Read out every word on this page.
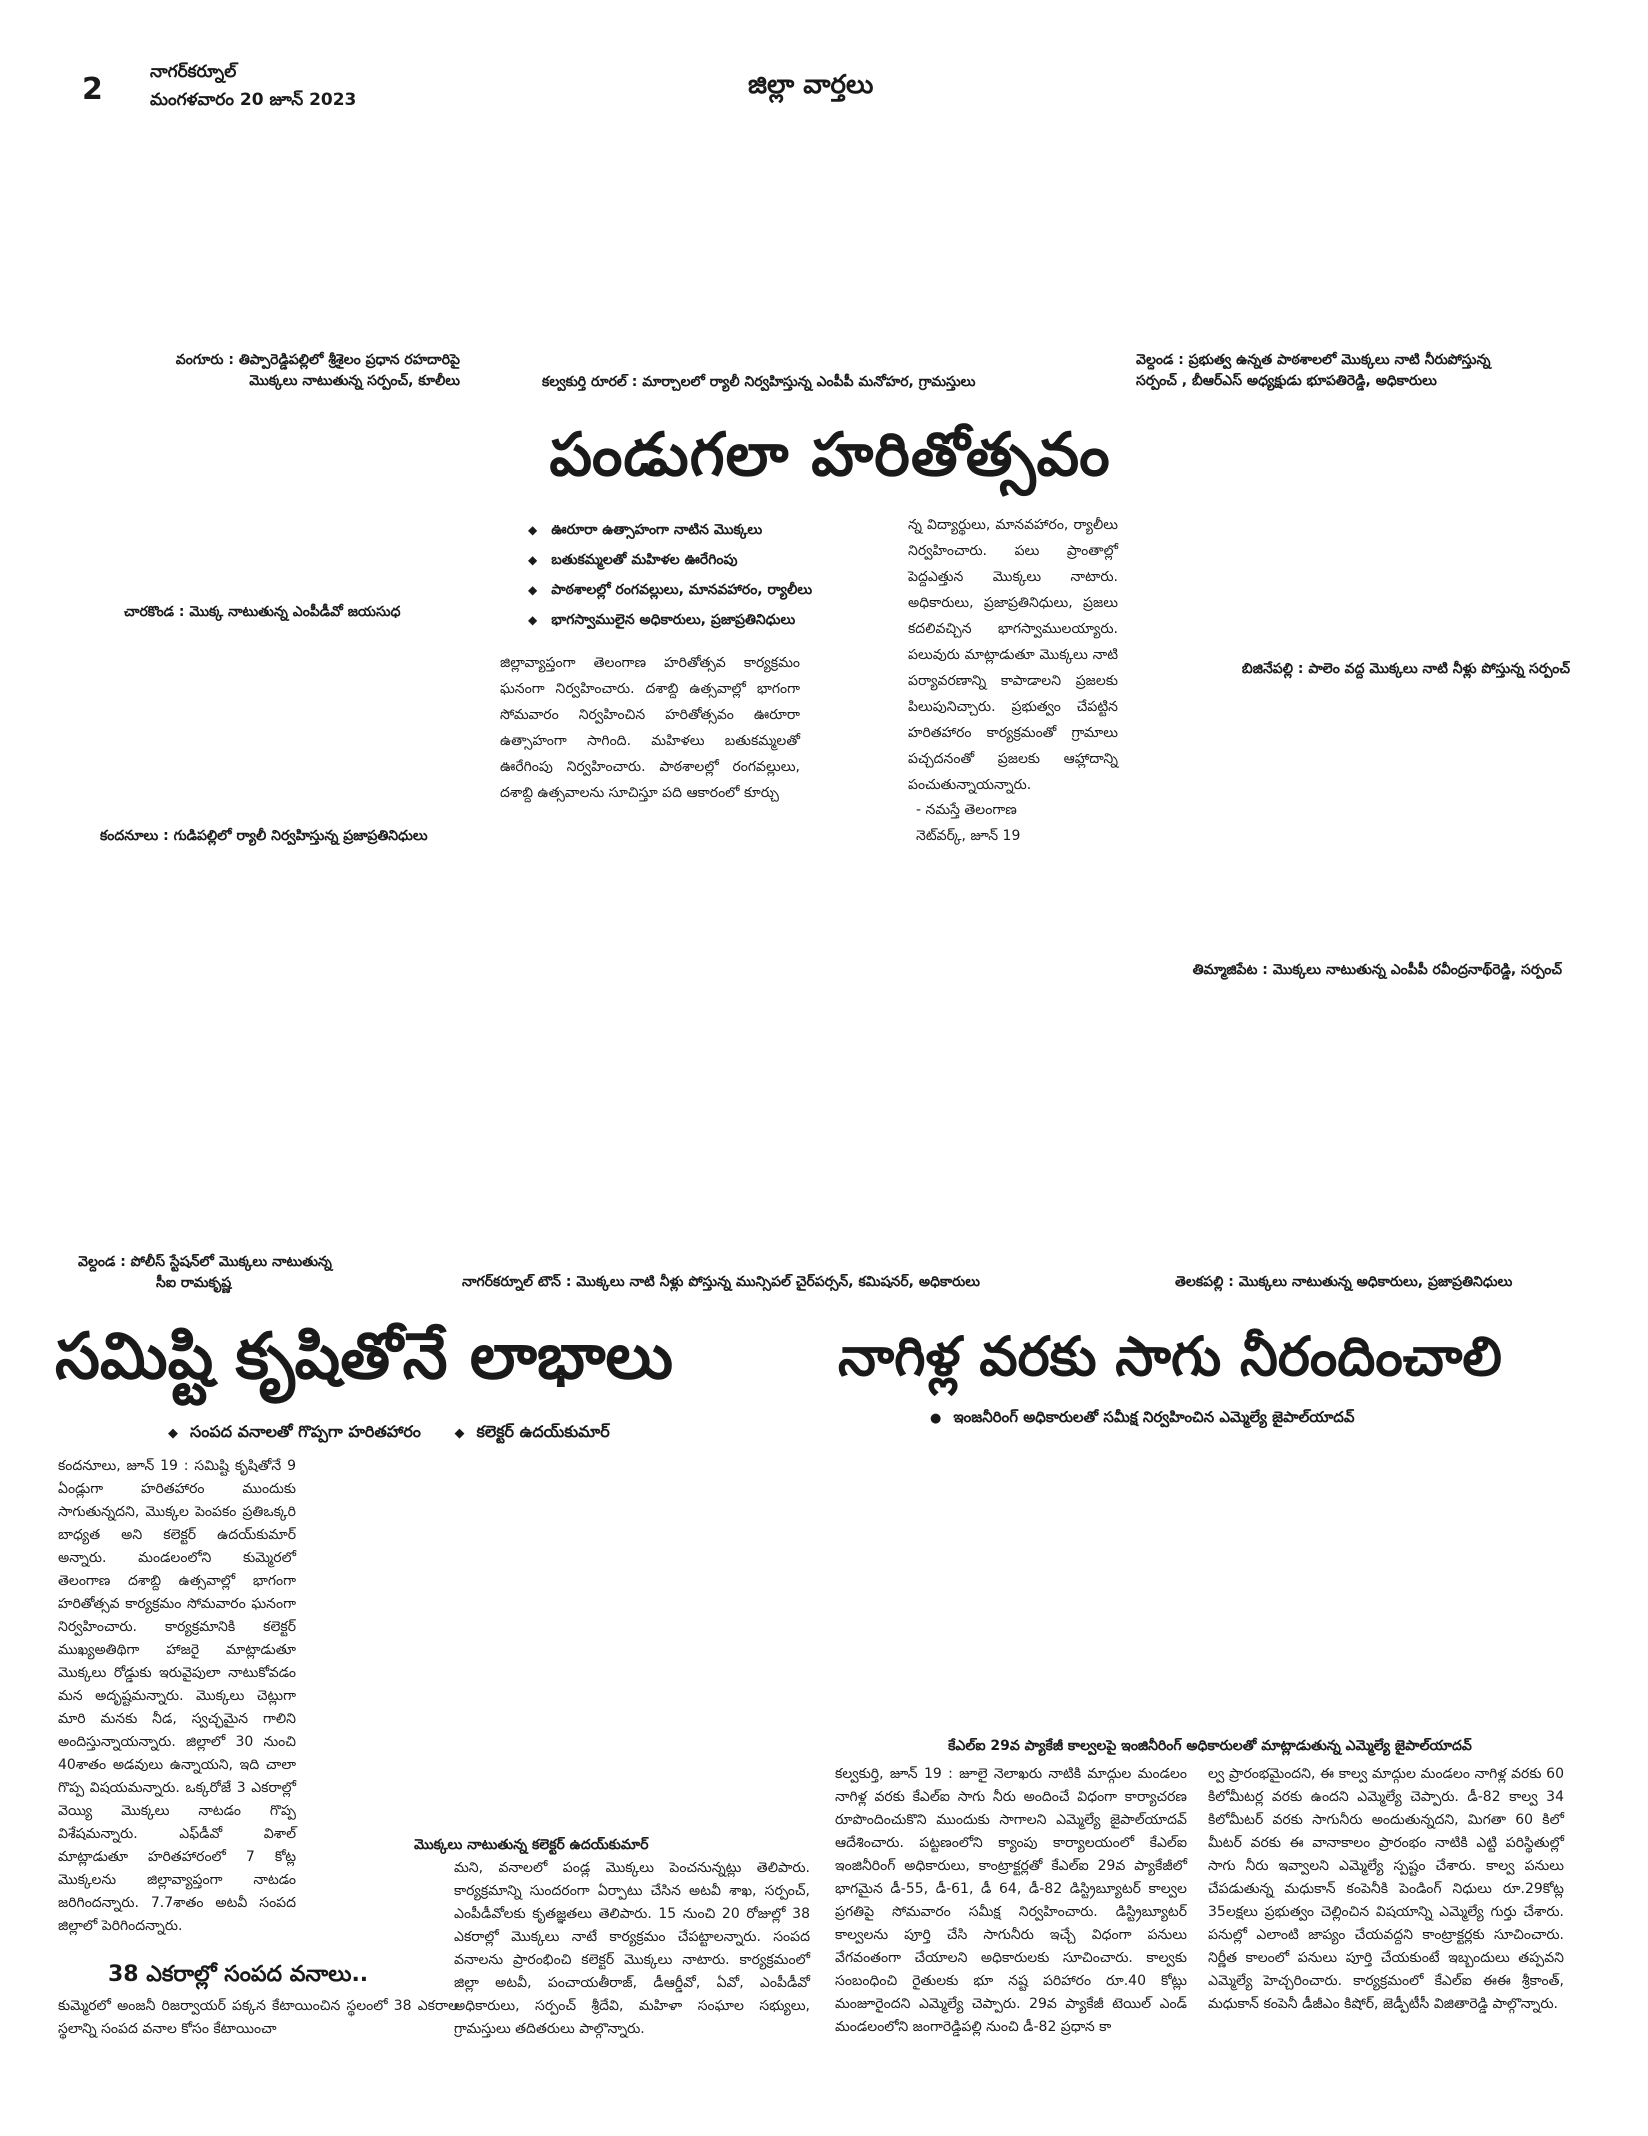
2	నాగర్‌కర్నూల్
మంగళవారం 20 జూన్ 2023	జిల్లా వార్తలు
వంగూరు : తిప్పారెడ్డిపల్లిలో శ్రీశైలం ప్రధాన రహదారిపై
మొక్కలు నాటుతున్న సర్పంచ్, కూలీలు	కల్వకుర్తి రూరల్ : మార్చాలలో ర్యాలీ నిర్వహిస్తున్న ఎంపీపీ మనోహర, గ్రామస్తులు
వెల్దండ : ప్రభుత్వ ఉన్నత పాఠశాలలో మొక్కలు నాటి నీరుపోస్తున్న
సర్పంచ్ , బీఆర్ఎస్ అధ్యక్షుడు భూపతిరెడ్డి, అధికారులు
పండుగలా హరితోత్సవం
◆ ఊరూరా ఉత్సాహంగా నాటిన మొక్కలు
◆ బతుకమ్మలతో మహిళల ఊరేగింపు
◆ పాఠశాలల్లో రంగవల్లులు, మానవహారం, ర్యాలీలు
◆ భాగస్వాములైన అధికారులు, ప్రజాప్రతినిధులు
జిల్లావ్యాప్తంగా తెలంగాణ హరితోత్సవ కార్యక్రమం ఘనంగా నిర్వహించారు. దశాబ్ది ఉత్సవాల్లో భాగంగా సోమవారం నిర్వహించిన హరితోత్సవం ఊరూరా ఉత్సాహంగా సాగింది. మహిళలు బతుకమ్మలతో ఊరేగింపు నిర్వహించారు. పాఠశాలల్లో రంగవల్లులు, దశాబ్ది ఉత్సవాలను సూచిస్తూ పది ఆకారంలో కూర్చు
న్న విద్యార్థులు, మానవహారం, ర్యాలీలు నిర్వహించారు. పలు ప్రాంతాల్లో పెద్దఎత్తున మొక్కలు నాటారు. అధికారులు, ప్రజాప్రతినిధులు, ప్రజలు కదలివచ్చిన భాగస్వాములయ్యారు. పలువురు మాట్లాడుతూ మొక్కలు నాటి పర్యావరణాన్ని కాపాడాలని ప్రజలకు పిలుపునిచ్చారు. ప్రభుత్వం చేపట్టిన హరితహారం కార్యక్రమంతో గ్రామాలు పచ్చదనంతో ప్రజలకు ఆహ్లాదాన్ని పంచుతున్నాయన్నారు.
- నమస్తే తెలంగాణ
నెట్‌వర్క్, జూన్ 19
చారకొండ : మొక్క నాటుతున్న ఎంపీడీవో జయసుధ
బిజినేపల్లి : పాలెం వద్ద మొక్కలు నాటి నీళ్లు పోస్తున్న సర్పంచ్
కందనూలు : గుడిపల్లిలో ర్యాలీ నిర్వహిస్తున్న ప్రజాప్రతినిధులు
తిమ్మాజిపేట : మొక్కలు నాటుతున్న ఎంపీపీ రవీంద్రనాథ్‌రెడ్డి, సర్పంచ్
వెల్దండ : పోలీస్ స్టేషన్‌లో మొక్కలు నాటుతున్న
సీఐ రామకృష్ణ	నాగర్‌కర్నూల్ టౌన్ : మొక్కలు నాటి నీళ్లు పోస్తున్న మున్సిపల్ చైర్‌పర్సన్, కమిషనర్, అధికారులు	తెలకపల్లి : మొక్కలు నాటుతున్న అధికారులు, ప్రజాప్రతినిధులు
సమిష్టి కృషితోనే లాభాలు
◆ సంపద వనాలతో గొప్పగా హరితహారం	◆ కలెక్టర్ ఉదయ్‌కుమార్
కందనూలు, జూన్ 19 : సమిష్టి కృషితోనే 9 ఏండ్లుగా హరితహారం ముందుకు సాగుతున్నదని, మొక్కల పెంపకం ప్రతిఒక్కరి బాధ్యత అని కలెక్టర్ ఉదయ్‌కుమార్ అన్నారు. మండలంలోని కుమ్మెరలో తెలంగాణ దశాబ్ది ఉత్సవాల్లో భాగంగా హరితోత్సవ కార్యక్రమం సోమవారం ఘనంగా నిర్వహించారు. కార్యక్రమానికి కలెక్టర్ ముఖ్యఅతిథిగా హాజరై మాట్లాడుతూ మొక్కలు రోడ్డుకు ఇరువైపులా నాటుకోవడం మన అదృష్టమన్నారు. మొక్కలు చెట్లుగా మారి మనకు నీడ, స్వచ్ఛమైన గాలిని అందిస్తున్నాయన్నారు. జిల్లాలో 30 నుంచి 40శాతం అడవులు ఉన్నాయని, ఇది చాలా గొప్ప విషయమన్నారు. ఒక్కరోజే 3 ఎకరాల్లో వెయ్యి మొక్కలు నాటడం గొప్ప విశేషమన్నారు. ఎఫ్‌డీవో విశాల్ మాట్లాడుతూ హరితహారంలో 7 కోట్ల మొక్కలను జిల్లావ్యాప్తంగా నాటడం జరిగిందన్నారు. 7.7శాతం అటవీ సంపద జిల్లాలో పెరిగిందన్నారు.
38 ఎకరాల్లో సంపద వనాలు..
కుమ్మెరలో అంజనీ రిజర్వాయర్ పక్కన కేటాయించిన స్థలంలో 38 ఎకరాల స్థలాన్ని సంపద వనాల కోసం కేటాయించా
మొక్కలు నాటుతున్న కలెక్టర్ ఉదయ్‌కుమార్
మని, వనాలలో పండ్ల మొక్కలు పెంచనున్నట్లు తెలిపారు. కార్యక్రమాన్ని సుందరంగా ఏర్పాటు చేసిన అటవీ శాఖ, సర్పంచ్, ఎంపీడీవోలకు కృతజ్ఞతలు తెలిపారు. 15 నుంచి 20 రోజుల్లో 38 ఎకరాల్లో మొక్కలు నాటే కార్యక్రమం చేపట్టాలన్నారు. సంపద వనాలను ప్రారంభించి కలెక్టర్ మొక్కలు నాటారు. కార్యక్రమంలో జిల్లా అటవీ, పంచాయతీరాజ్, డీఆర్డీవో, ఏవో, ఎంపీడీవో అధికారులు, సర్పంచ్ శ్రీదేవి, మహిళా సంఘాల సభ్యులు, గ్రామస్తులు తదితరులు పాల్గొన్నారు.
నాగిళ్ల వరకు సాగు నీరందించాలి
● ఇంజనీరింగ్ అధికారులతో సమీక్ష నిర్వహించిన ఎమ్మెల్యే జైపాల్‌యాదవ్
కేఎల్ఐ 29వ ప్యాకేజీ కాల్వలపై ఇంజినీరింగ్ అధికారులతో మాట్లాడుతున్న ఎమ్మెల్యే జైపాల్‌యాదవ్
కల్వకుర్తి, జూన్ 19 : జూలై నెలాఖరు నాటికి మాద్గుల మండలం నాగిళ్ల వరకు కేఎల్ఐ సాగు నీరు అందించే విధంగా కార్యాచరణ రూపొందించుకొని ముందుకు సాగాలని ఎమ్మెల్యే జైపాల్‌యాదవ్ ఆదేశించారు. పట్టణంలోని క్యాంపు కార్యాలయంలో కేఎల్ఐ ఇంజినీరింగ్ అధికారులు, కాంట్రాక్టర్లతో కేఎల్ఐ 29వ ప్యాకేజీలో భాగమైన డీ-55, డీ-61, డీ 64, డీ-82 డిస్ట్రిబ్యూటర్ కాల్వల ప్రగతిపై సోమవారం సమీక్ష నిర్వహించారు. డిస్ట్రిబ్యూటర్ కాల్వలను పూర్తి చేసి సాగునీరు ఇచ్చే విధంగా పనులు వేగవంతంగా చేయాలని అధికారులకు సూచించారు. కాల్వకు సంబంధించి రైతులకు భూ నష్ట పరిహారం రూ.40 కోట్లు మంజూరైందని ఎమ్మెల్యే చెప్పారు. 29వ ప్యాకేజీ టెయిల్ ఎండ్ మండలంలోని జంగారెడ్డిపల్లి నుంచి డీ-82 ప్రధాన కా
ల్వ ప్రారంభమైందని, ఈ కాల్వ మాద్గుల మండలం నాగిళ్ల వరకు 60 కిలోమీటర్ల వరకు ఉందని ఎమ్మెల్యే చెప్పారు. డీ-82 కాల్వ 34 కిలోమీటర్ వరకు సాగునీరు అందుతున్నదని, మిగతా 60 కిలో మీటర్ వరకు ఈ వానాకాలం ప్రారంభం నాటికి ఎట్టి పరిస్థితుల్లో సాగు నీరు ఇవ్వాలని ఎమ్మెల్యే స్పష్టం చేశారు. కాల్వ పనులు చేపడుతున్న మధుకాన్ కంపెనీకి పెండింగ్ నిధులు రూ.29కోట్ల 35లక్షలు ప్రభుత్వం చెల్లించిన విషయాన్ని ఎమ్మెల్యే గుర్తు చేశారు. పనుల్లో ఎలాంటి జాప్యం చేయవద్దని కాంట్రాక్టర్లకు సూచించారు. నిర్ణీత కాలంలో పనులు పూర్తి చేయకుంటే ఇబ్బందులు తప్పవని ఎమ్మెల్యే హెచ్చరించారు. కార్యక్రమంలో కేఎల్ఐ ఈఈ శ్రీకాంత్, మధుకాన్ కంపెనీ డీజీఎం కిషోర్, జెడ్పీటీసీ విజితారెడ్డి పాల్గొన్నారు.
